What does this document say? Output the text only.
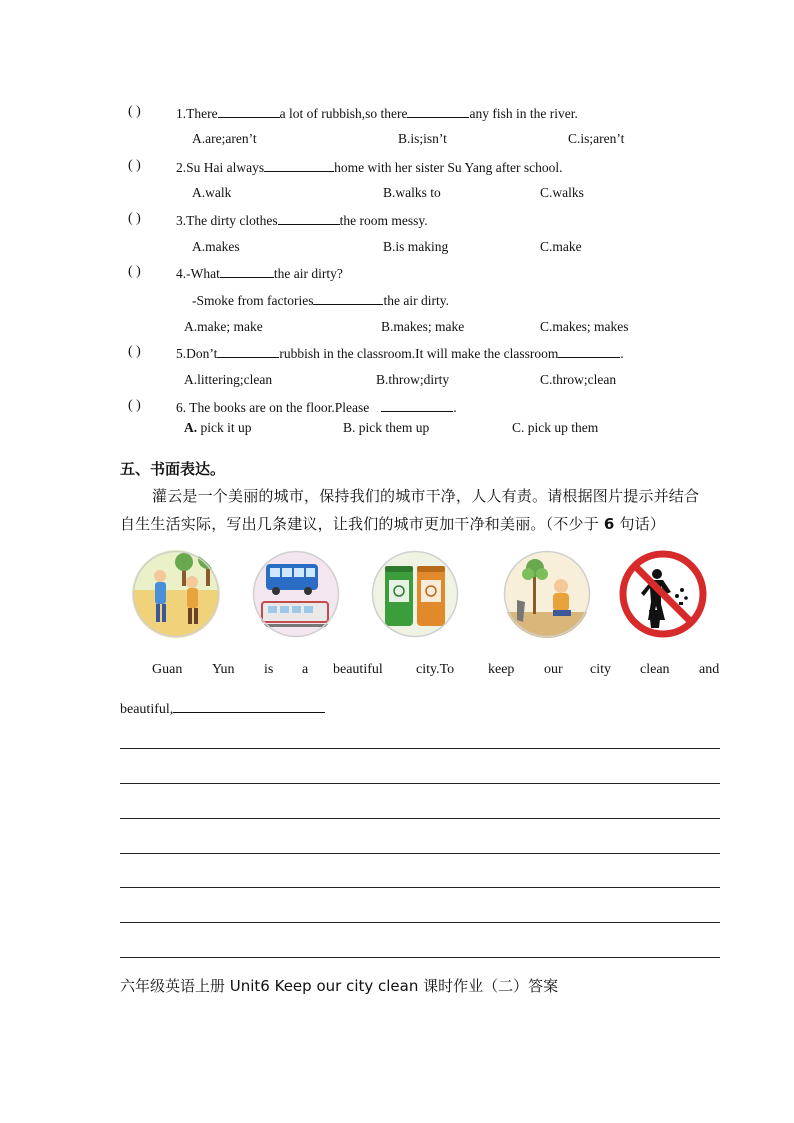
( )	1.There	a lot of rubbish,so there	any fish in the river.
A.are;aren’t	B.is;isn’t	C.is;aren’t
( )	2.Su Hai always	home with her sister Su Yang after school.
A.walk	B.walks to	C.walks
( )	3.The dirty clothes	the room messy.
A.makes	B.is making	C.make
( )	4.-What	the air dirty?
-Smoke from factories	the air dirty.
A.make; make	B.makes; make	C.makes; makes
( )	5.Don’t	rubbish in the classroom.It will make the classroom	.
A.littering;clean	B.throw;dirty	C.throw;clean
( )	6. The books are on the floor.Please	.
A. pick it up	B. pick them up	C. pick up them
五、书面表达。
灌云是一个美丽的城市，保持我们的城市干净，人人有责。请根据图片提示并结合
自生生活实际，写出几条建议，让我们的城市更加干净和美丽。（不少于 6 句话）
Guan Yun is a beautiful city.To keep our city clean and
beautiful,
六年级英语上册 Unit6 Keep our city clean 课时作业（二）答案
